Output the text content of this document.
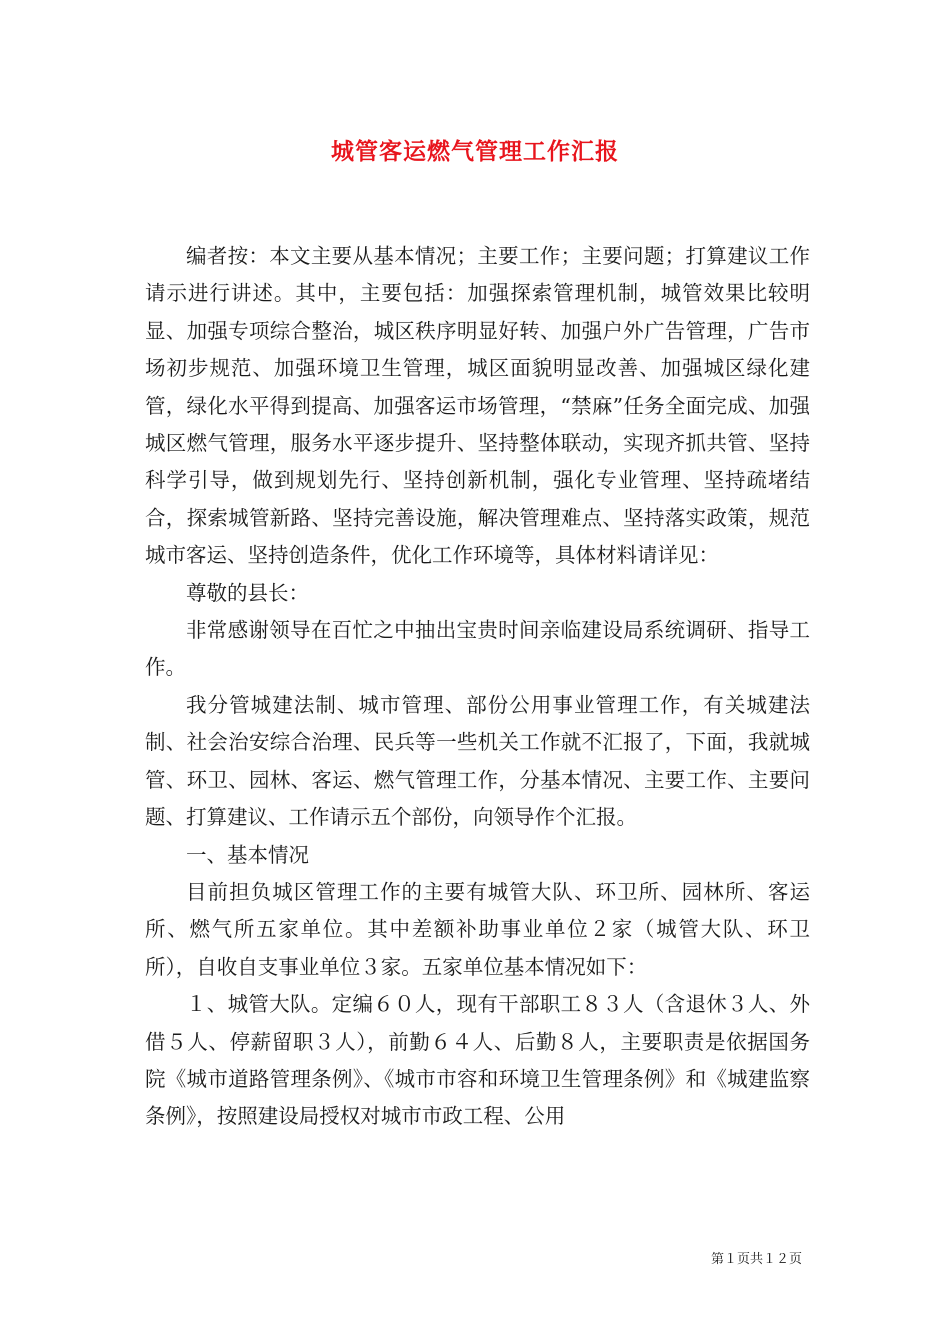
城管客运燃气管理工作汇报

编者按：本文主要从基本情况；主要工作；主要问题；打算建议工作请示进行讲述。其中，主要包括：加强探索管理机制，城管效果比较明显、加强专项综合整治，城区秩序明显好转、加强户外广告管理，广告市场初步规范、加强环境卫生管理，城区面貌明显改善、加强城区绿化建管，绿化水平得到提高、加强客运市场管理，“禁麻”任务全面完成、加强城区燃气管理，服务水平逐步提升、坚持整体联动，实现齐抓共管、坚持科学引导，做到规划先行、坚持创新机制，强化专业管理、坚持疏堵结合，探索城管新路、坚持完善设施，解决管理难点、坚持落实政策，规范城市客运、坚持创造条件，优化工作环境等，具体材料请详见：

尊敬的县长：

非常感谢领导在百忙之中抽出宝贵时间亲临建设局系统调研、指导工作。

我分管城建法制、城市管理、部份公用事业管理工作，有关城建法制、社会治安综合治理、民兵等一些机关工作就不汇报了，下面，我就城管、环卫、园林、客运、燃气管理工作，分基本情况、主要工作、主要问题、打算建议、工作请示五个部份，向领导作个汇报。

一、基本情况

目前担负城区管理工作的主要有城管大队、环卫所、园林所、客运所、燃气所五家单位。其中差额补助事业单位２家（城管大队、环卫所），自收自支事业单位３家。五家单位基本情况如下：

１、城管大队。定编６０人，现有干部职工８３人（含退休３人、外借５人、停薪留职３人），前勤６４人、后勤８人，主要职责是依据国务院《城市道路管理条例》、《城市市容和环境卫生管理条例》和《城建监察条例》，按照建设局授权对城市市政工程、公用

第１页共１２页
